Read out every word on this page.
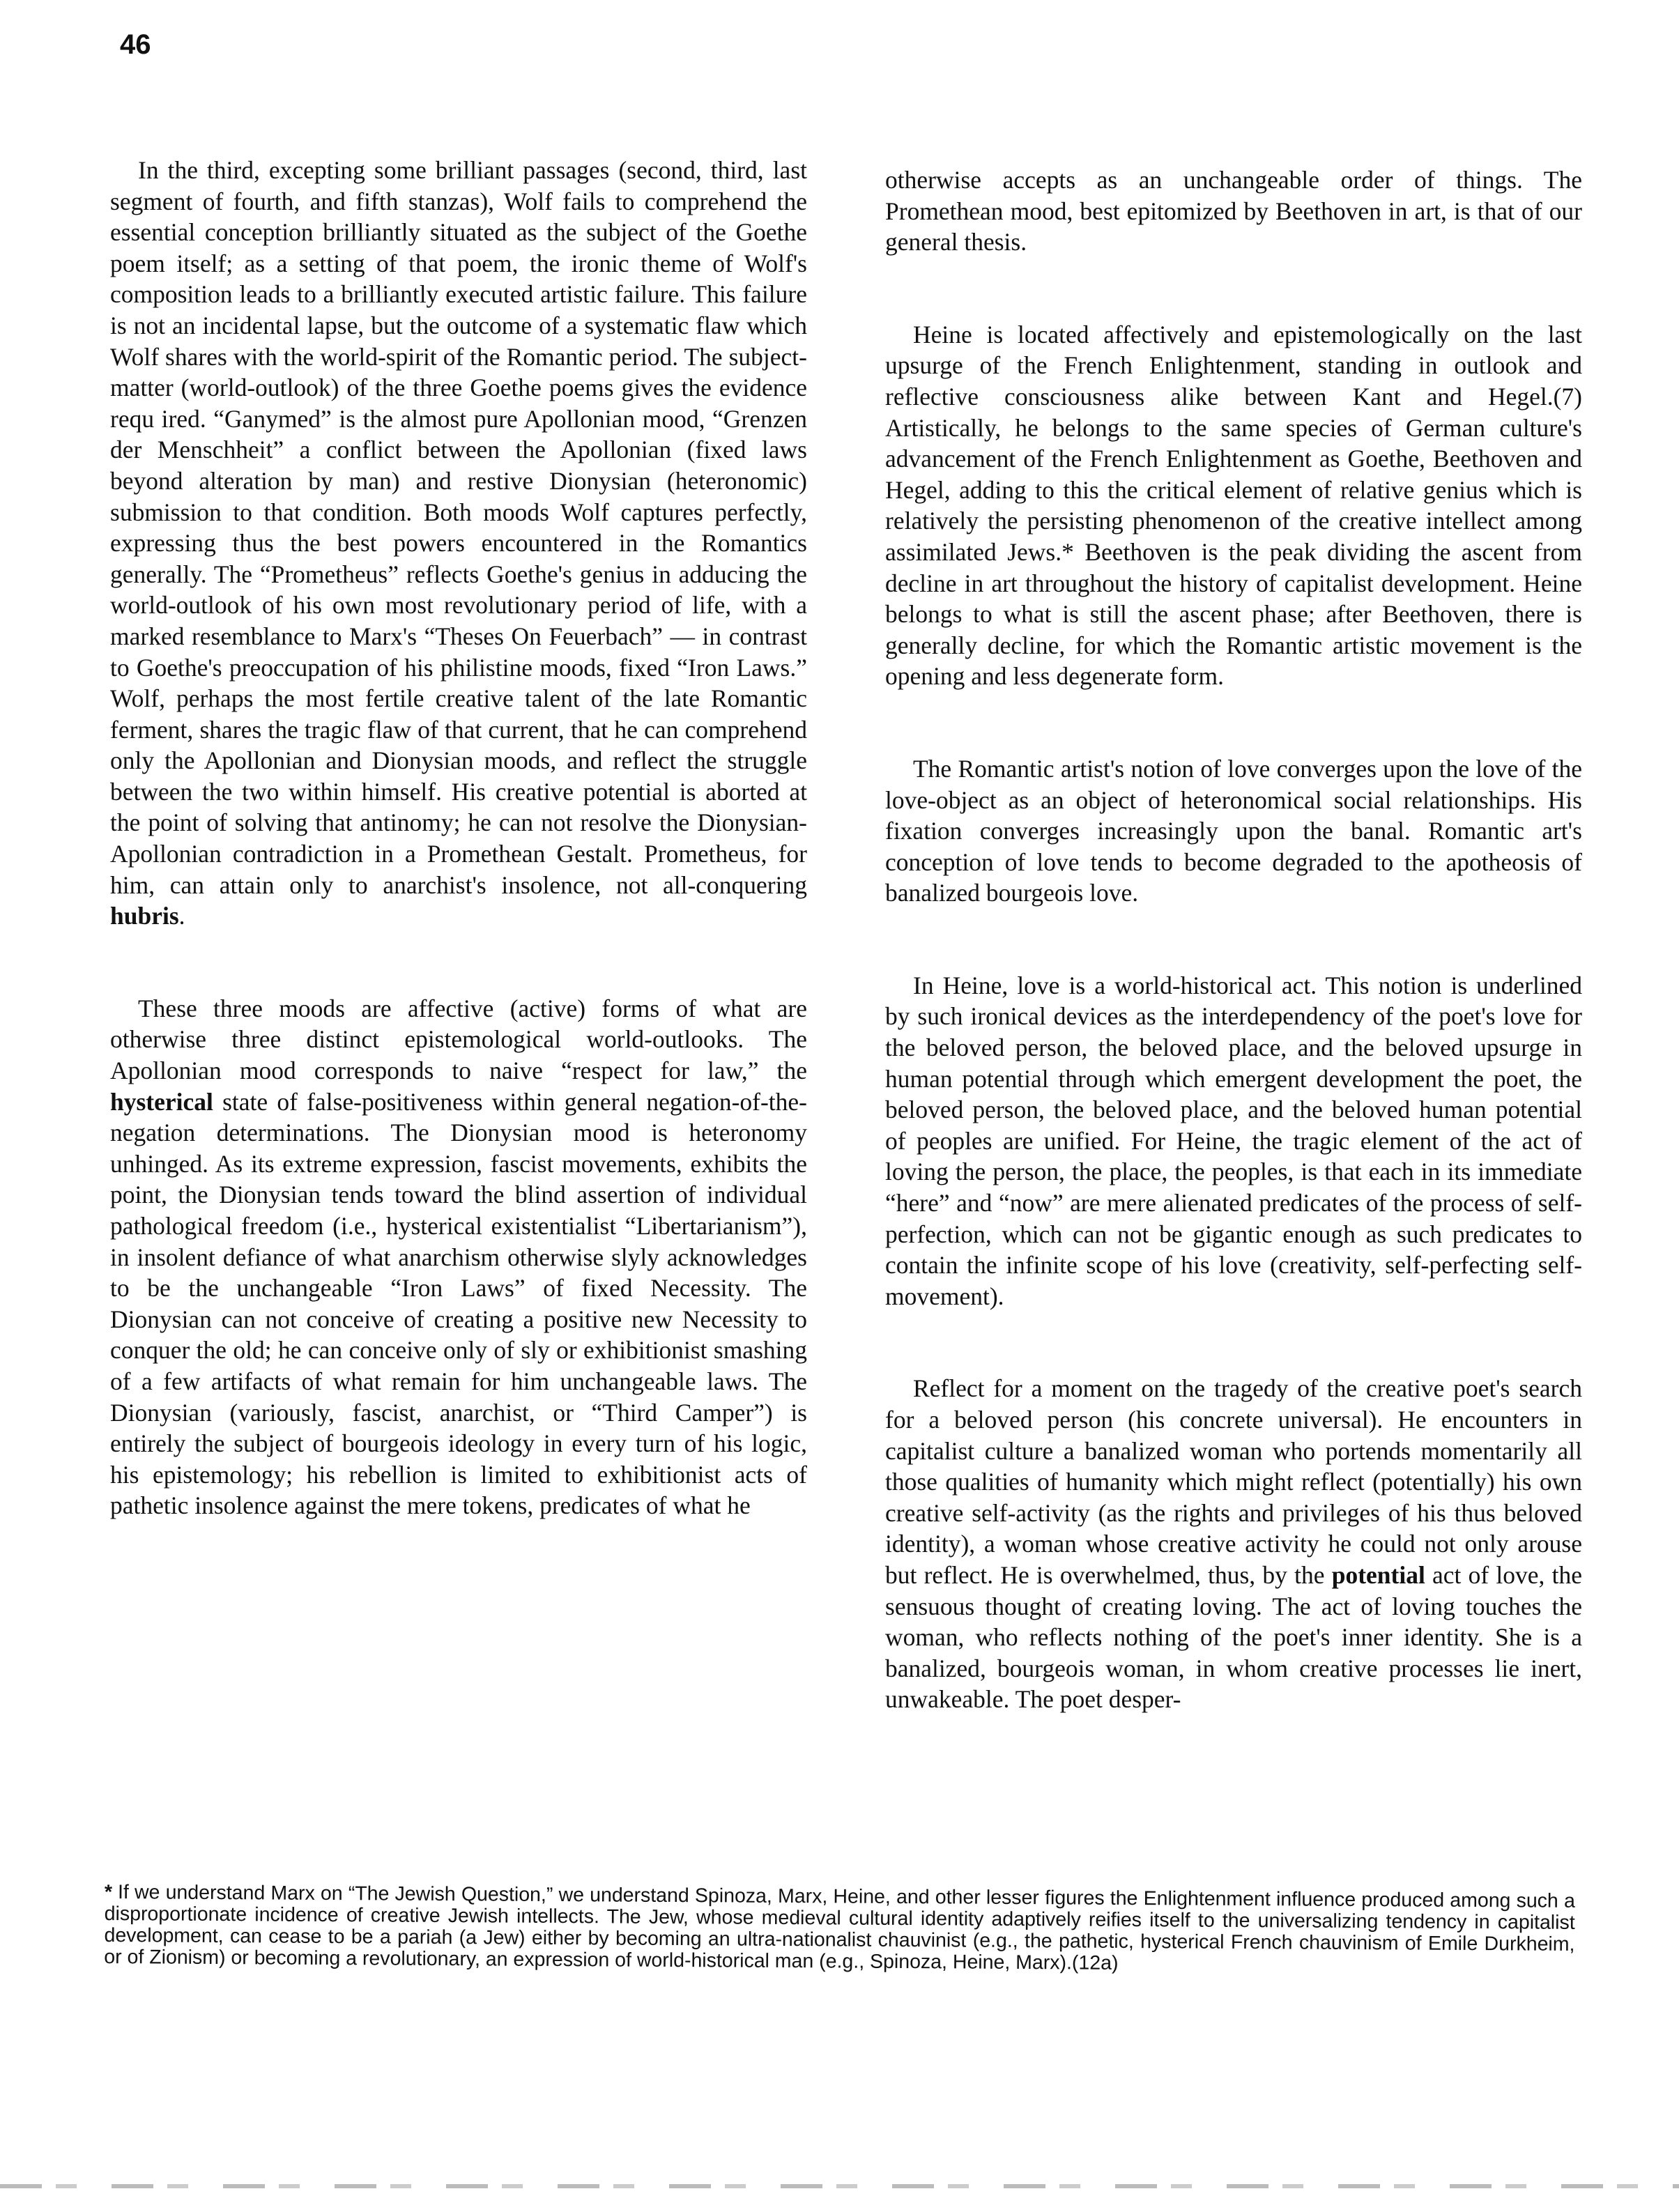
46

In the third, excepting some brilliant passages (second, third, last segment of fourth, and fifth stanzas), Wolf fails to comprehend the essential conception brilliantly situated as the subject of the Goethe poem itself; as a setting of that poem, the ironic theme of Wolf's composition leads to a brilliantly executed artistic failure. This failure is not an incidental lapse, but the outcome of a systematic flaw which Wolf shares with the world-spirit of the Romantic period. The subject-matter (world-outlook) of the three Goethe poems gives the evidence requ ired. “Ganymed” is the almost pure Apollonian mood, “Grenzen der Menschheit” a conflict between the Apollonian (fixed laws beyond alteration by man) and restive Dionysian (heteronomic) submission to that condition. Both moods Wolf captures perfectly, expressing thus the best powers encountered in the Romantics generally. The “Prometheus” reflects Goethe's genius in adducing the world-outlook of his own most revolutionary period of life, with a marked resemblance to Marx's “Theses On Feuerbach” — in contrast to Goethe's preoccupation of his philistine moods, fixed “Iron Laws.” Wolf, perhaps the most fertile creative talent of the late Romantic ferment, shares the tragic flaw of that current, that he can comprehend only the Apollonian and Dionysian moods, and reflect the struggle between the two within himself. His creative potential is aborted at the point of solving that antinomy; he can not resolve the Dionysian-Apollonian contradiction in a Promethean Gestalt. Prometheus, for him, can attain only to anarchist's insolence, not all-conquering hubris.

These three moods are affective (active) forms of what are otherwise three distinct epistemological world-outlooks. The Apollonian mood corresponds to naive “respect for law,” the hysterical state of false-positiveness within general negation-of-the-negation determinations. The Dionysian mood is heteronomy unhinged. As its extreme expression, fascist movements, exhibits the point, the Dionysian tends toward the blind assertion of individual pathological freedom (i.e., hysterical existentialist “Libertarianism”), in insolent defiance of what anarchism otherwise slyly acknowledges to be the unchangeable “Iron Laws” of fixed Necessity. The Dionysian can not conceive of creating a positive new Necessity to conquer the old; he can conceive only of sly or exhibitionist smashing of a few artifacts of what remain for him unchangeable laws. The Dionysian (variously, fascist, anarchist, or “Third Camper”) is entirely the subject of bourgeois ideology in every turn of his logic, his epistemology; his rebellion is limited to exhibitionist acts of pathetic insolence against the mere tokens, predicates of what he

otherwise accepts as an unchangeable order of things. The Promethean mood, best epitomized by Beethoven in art, is that of our general thesis.

Heine is located affectively and epistemologically on the last upsurge of the French Enlightenment, standing in outlook and reflective consciousness alike between Kant and Hegel.(7) Artistically, he belongs to the same species of German culture's advancement of the French Enlightenment as Goethe, Beethoven and Hegel, adding to this the critical element of relative genius which is relatively the persisting phenomenon of the creative intellect among assimilated Jews.* Beethoven is the peak dividing the ascent from decline in art throughout the history of capitalist development. Heine belongs to what is still the ascent phase; after Beethoven, there is generally decline, for which the Romantic artistic movement is the opening and less degenerate form.

The Romantic artist's notion of love converges upon the love of the love-object as an object of heteronomical social relationships. His fixation converges increasingly upon the banal. Romantic art's conception of love tends to become degraded to the apotheosis of banalized bourgeois love.

In Heine, love is a world-historical act. This notion is underlined by such ironical devices as the interdependency of the poet's love for the beloved person, the beloved place, and the beloved upsurge in human potential through which emergent development the poet, the beloved person, the beloved place, and the beloved human potential of peoples are unified. For Heine, the tragic element of the act of loving the person, the place, the peoples, is that each in its immediate “here” and “now” are mere alienated predicates of the process of self-perfection, which can not be gigantic enough as such predicates to contain the infinite scope of his love (creativity, self-perfecting self-movement).

Reflect for a moment on the tragedy of the creative poet's search for a beloved person (his concrete universal). He encounters in capitalist culture a banalized woman who portends momentarily all those qualities of humanity which might reflect (potentially) his own creative self-activity (as the rights and privileges of his thus beloved identity), a woman whose creative activity he could not only arouse but reflect. He is overwhelmed, thus, by the potential act of love, the sensuous thought of creating loving. The act of loving touches the woman, who reflects nothing of the poet's inner identity. She is a banalized, bourgeois woman, in whom creative processes lie inert, unwakeable. The poet desper-

* If we understand Marx on “The Jewish Question,” we understand Spinoza, Marx, Heine, and other lesser figures the Enlightenment influence produced among such a disproportionate incidence of creative Jewish intellects. The Jew, whose medieval cultural identity adaptively reifies itself to the universalizing tendency in capitalist development, can cease to be a pariah (a Jew) either by becoming an ultra-nationalist chauvinist (e.g., the pathetic, hysterical French chauvinism of Emile Durkheim, or of Zionism) or becoming a revolutionary, an expression of world-historical man (e.g., Spinoza, Heine, Marx).(12a)
